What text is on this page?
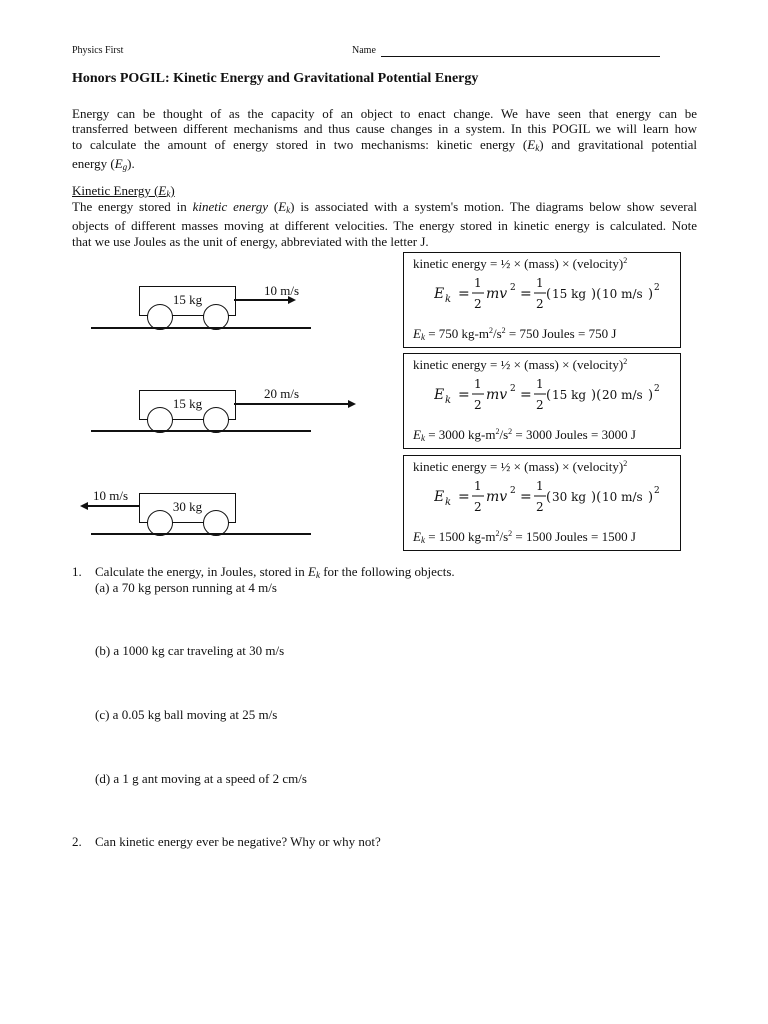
Physics First	Name
Honors POGIL: Kinetic Energy and Gravitational Potential Energy
Energy can be thought of as the capacity of an object to enact change. We have seen that energy can be
transferred between different mechanisms and thus cause changes in a system. In this POGIL we will learn how
to calculate the amount of energy stored in two mechanisms: kinetic energy $(E_k)$ and gravitational potential
energy $(E_g)$.
Kinetic Energy $(E_k)$
The energy stored in kinetic energy $(E_k)$ is associated with a system's motion. The diagrams below show several
objects of different masses moving at different velocities. The energy stored in kinetic energy is calculated. Note
that we use Joules as the unit of energy, abbreviated with the letter J.
15 kg
10 m/s
15 kg
20 m/s
30 kg
10 m/s
kinetic energy = ½ × (mass) × (velocity)$^2$
E k =
1
2
mv 2 =
1
2
( 15 kg )( 10 m/s ) 2
$E_k = 750$ $kg-m^2/s^2 = 750$ Joules = 750 J
kinetic energy = ½ × (mass) × (velocity)$^2$
E k =
1
2
mv 2 =
1
2
( 15 kg )( 20 m/s ) 2
$E_k = 3000$ $kg-m^2/s^2 = 3000$ Joules = 3000 J
kinetic energy = ½ × (mass) × (velocity)$^2$
E k =
1
2
mv 2 =
1
2
( 30 kg )( 10 m/s ) 2
$E_k = 1500$ $kg-m^2/s^2 = 1500$ Joules = 1500 J
1. Calculate the energy, in Joules, stored in $E_k$ for the following objects.
(a) a 70 kg person running at 4 m/s
(b) a 1000 kg car traveling at 30 m/s
(c) a 0.05 kg ball moving at 25 m/s
(d) a 1 g ant moving at a speed of 2 cm/s
2. Can kinetic energy ever be negative? Why or why not?
